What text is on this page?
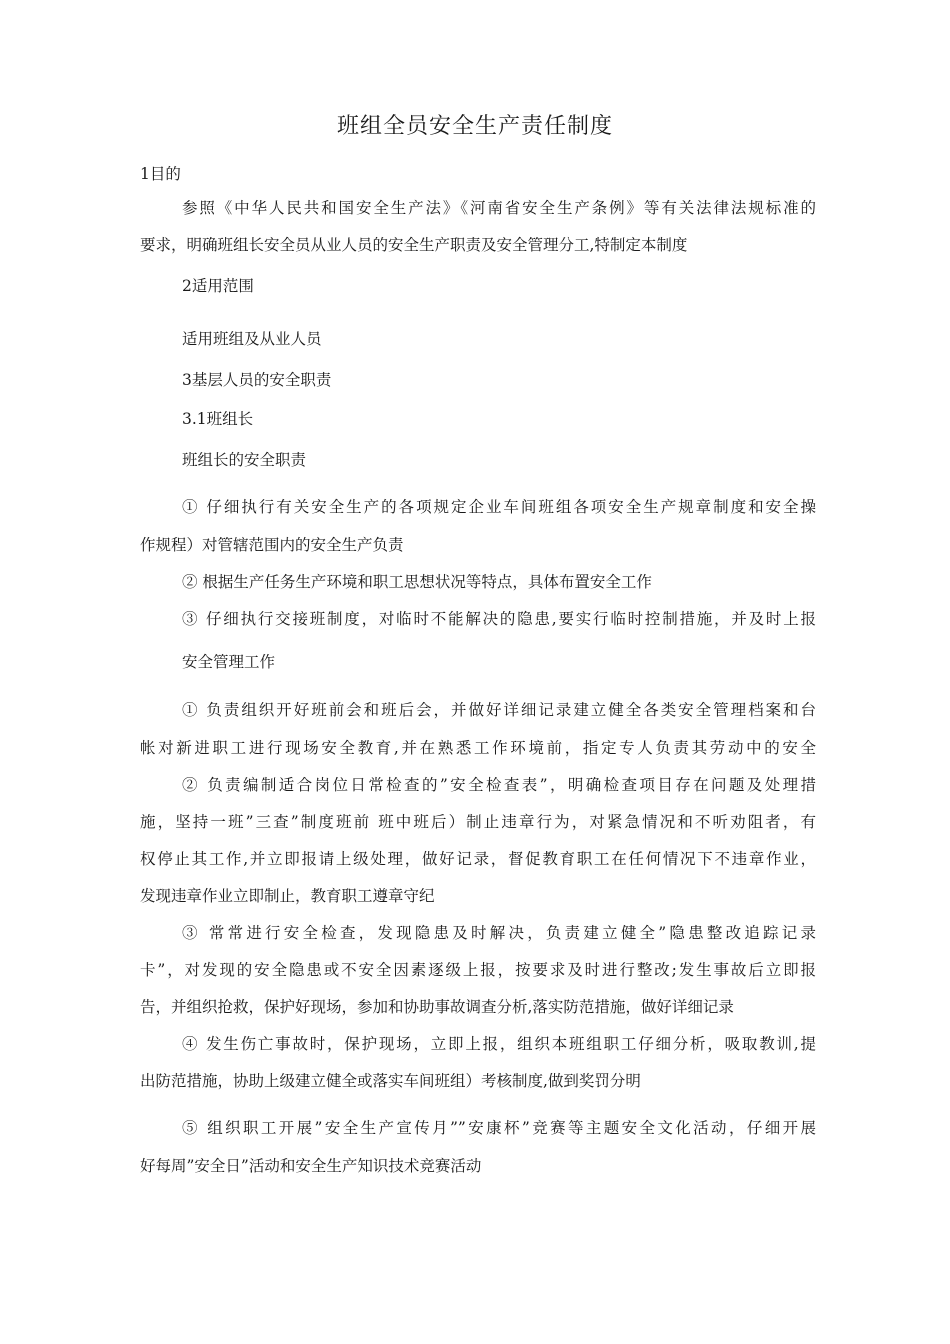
班组全员安全生产责任制度
1目的
参照《中华人民共和国安全生产法》《河南省安全生产条例》等有关法律法规标准的
要求，明确班组长安全员从业人员的安全生产职责及安全管理分工,特制定本制度
2适用范围
适用班组及从业人员
3基层人员的安全职责
3.1班组长
班组长的安全职责
① 仔细执行有关安全生产的各项规定企业车间班组各项安全生产规章制度和安全操
作规程）对管辖范围内的安全生产负责
② 根据生产任务生产环境和职工思想状况等特点，具体布置安全工作
③ 仔细执行交接班制度，对临时不能解决的隐患,要实行临时控制措施，并及时上报
安全管理工作
① 负责组织开好班前会和班后会，并做好详细记录建立健全各类安全管理档案和台
帐对新进职工进行现场安全教育,并在熟悉工作环境前，指定专人负责其劳动中的安全
② 负责编制适合岗位日常检查的”安全检查表”，明确检查项目存在问题及处理措
施，坚持一班”三查”制度班前 班中班后）制止违章行为，对紧急情况和不听劝阻者，有
权停止其工作,并立即报请上级处理，做好记录，督促教育职工在任何情况下不违章作业，
发现违章作业立即制止，教育职工遵章守纪
③ 常常进行安全检查，发现隐患及时解决，负责建立健全”隐患整改追踪记录
卡”，对发现的安全隐患或不安全因素逐级上报，按要求及时进行整改;发生事故后立即报
告，并组织抢救，保护好现场，参加和协助事故调查分析,落实防范措施，做好详细记录
④ 发生伤亡事故时，保护现场，立即上报，组织本班组职工仔细分析，吸取教训,提
出防范措施，协助上级建立健全或落实车间班组）考核制度,做到奖罚分明
⑤ 组织职工开展”安全生产宣传月””安康杯”竞赛等主题安全文化活动，仔细开展
好每周”安全日”活动和安全生产知识技术竞赛活动
